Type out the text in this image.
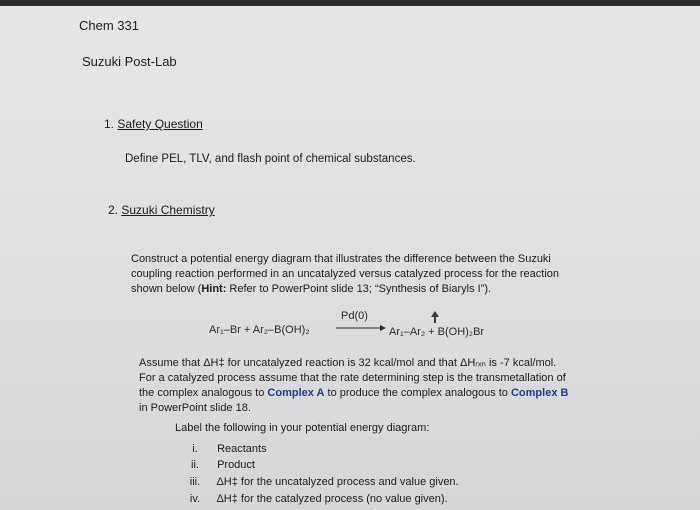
Chem 331
Suzuki Post-Lab
1. Safety Question
Define PEL, TLV, and flash point of chemical substances.
2. Suzuki Chemistry

Construct a potential energy diagram that illustrates the difference between the Suzuki

coupling reaction performed in an uncatalyzed versus catalyzed process for the reaction

shown below (Hint: Refer to PowerPoint slide 13; “Synthesis of Biaryls I”).

Ar₁–Br + Ar₂–B(OH)₂
Pd(0)
→ Ar₁–Ar₂ + B(OH)₂Br

Assume that ΔH‡ for uncatalyzed reaction is 32 kcal/mol and that ΔHᵣₓₙ is -7 kcal/mol.

For a catalyzed process assume that the rate determining step is the transmetallation of

the complex analogous to Complex A to produce the complex analogous to Complex B

in PowerPoint slide 18.

Label the following in your potential energy diagram:
i. Reactants
ii. Product
iii. ΔH‡ for the uncatalyzed process and value given.
iv. ΔH‡ for the catalyzed process (no value given).
